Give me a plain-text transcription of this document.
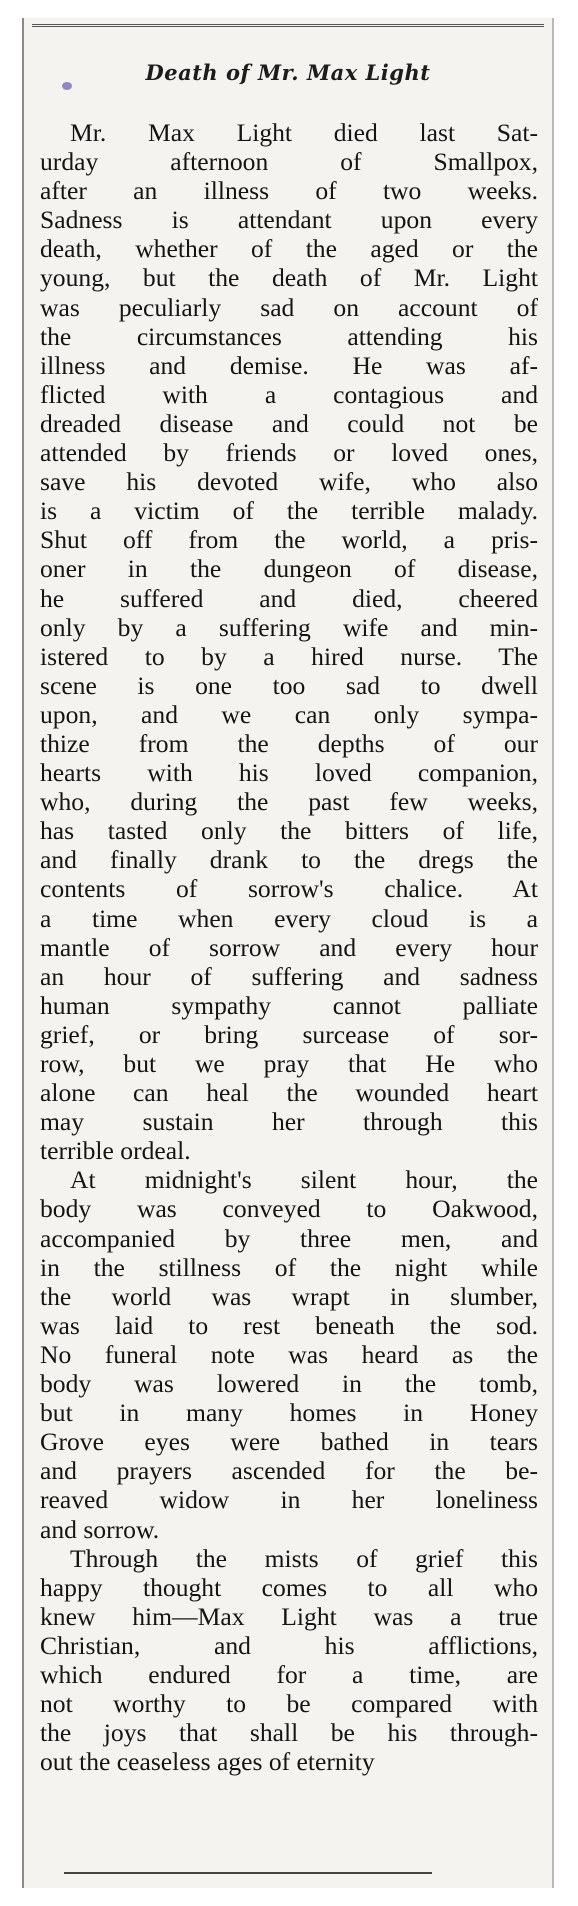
Death of Mr. Max Light
Mr. Max Light died last Sat-
urday afternoon of Smallpox,
after an illness of two weeks.
Sadness is attendant upon every
death, whether of the aged or the
young, but the death of Mr. Light
was peculiarly sad on account of
the circumstances attending his
illness and demise. He was af-
flicted with a contagious and
dreaded disease and could not be
attended by friends or loved ones,
save his devoted wife, who also
is a victim of the terrible malady.
Shut off from the world, a pris-
oner in the dungeon of disease,
he suffered and died, cheered
only by a suffering wife and min-
istered to by a hired nurse. The
scene is one too sad to dwell
upon, and we can only sympa-
thize from the depths of our
hearts with his loved companion,
who, during the past few weeks,
has tasted only the bitters of life,
and finally drank to the dregs the
contents of sorrow's chalice. At
a time when every cloud is a
mantle of sorrow and every hour
an hour of suffering and sadness
human sympathy cannot palliate
grief, or bring surcease of sor-
row, but we pray that He who
alone can heal the wounded heart
may sustain her through this
terrible ordeal.
At midnight's silent hour, the
body was conveyed to Oakwood,
accompanied by three men, and
in the stillness of the night while
the world was wrapt in slumber,
was laid to rest beneath the sod.
No funeral note was heard as the
body was lowered in the tomb,
but in many homes in Honey
Grove eyes were bathed in tears
and prayers ascended for the be-
reaved widow in her loneliness
and sorrow.
Through the mists of grief this
happy thought comes to all who
knew him—Max Light was a true
Christian, and his afflictions,
which endured for a time, are
not worthy to be compared with
the joys that shall be his through-
out the ceaseless ages of eternity
